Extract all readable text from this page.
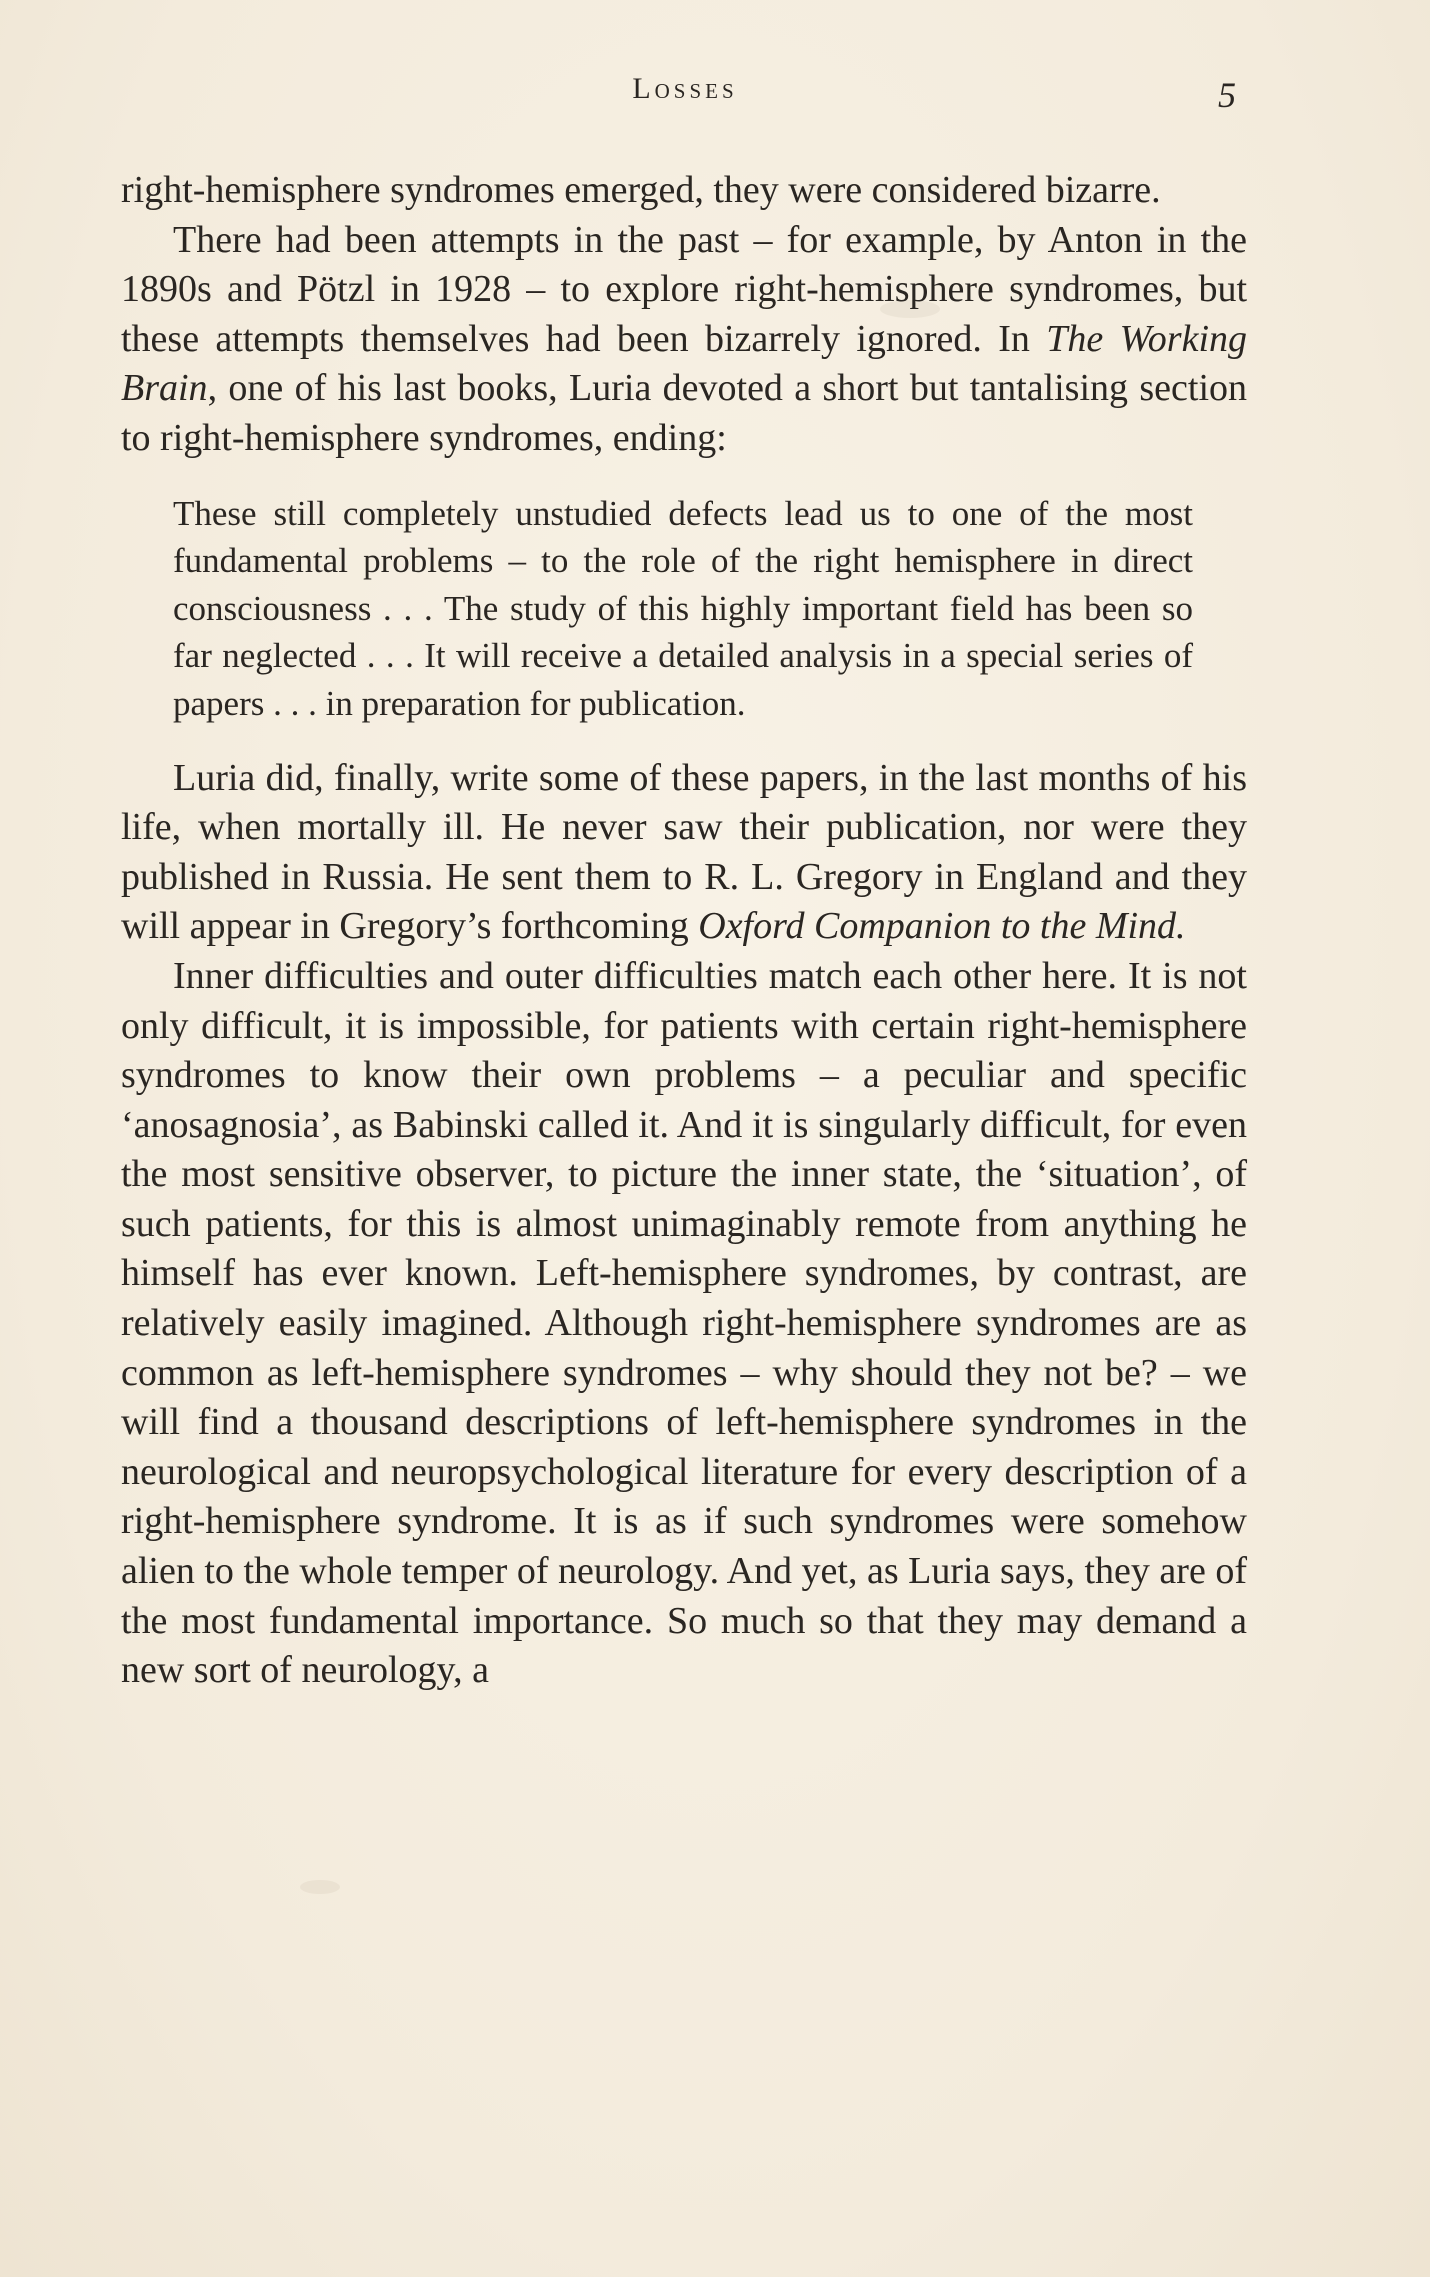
Losses	5

right-hemisphere syndromes emerged, they were considered bizarre.

There had been attempts in the past – for example, by Anton in the 1890s and Pötzl in 1928 – to explore right-hemisphere syndromes, but these attempts themselves had been bizarrely ignored. In The Working Brain, one of his last books, Luria devoted a short but tantalising section to right-hemisphere syndromes, ending:

These still completely unstudied defects lead us to one of the most fundamental problems – to the role of the right hemisphere in direct consciousness . . . The study of this highly important field has been so far neglected . . . It will receive a detailed analysis in a special series of papers . . . in preparation for publication.

Luria did, finally, write some of these papers, in the last months of his life, when mortally ill. He never saw their publication, nor were they published in Russia. He sent them to R. L. Gregory in England and they will appear in Gregory’s forthcoming Oxford Companion to the Mind.

Inner difficulties and outer difficulties match each other here. It is not only difficult, it is impossible, for patients with certain right-hemisphere syndromes to know their own problems – a peculiar and specific ‘anosagnosia’, as Babinski called it. And it is singularly difficult, for even the most sensitive observer, to picture the inner state, the ‘situation’, of such patients, for this is almost unimaginably remote from anything he himself has ever known. Left-hemisphere syndromes, by contrast, are relatively easily imagined. Although right-hemisphere syndromes are as common as left-hemisphere syndromes – why should they not be? – we will find a thousand descriptions of left-hemisphere syndromes in the neurological and neuropsychological literature for every description of a right-hemisphere syndrome. It is as if such syndromes were somehow alien to the whole temper of neurology. And yet, as Luria says, they are of the most fundamental importance. So much so that they may demand a new sort of neurology, a
